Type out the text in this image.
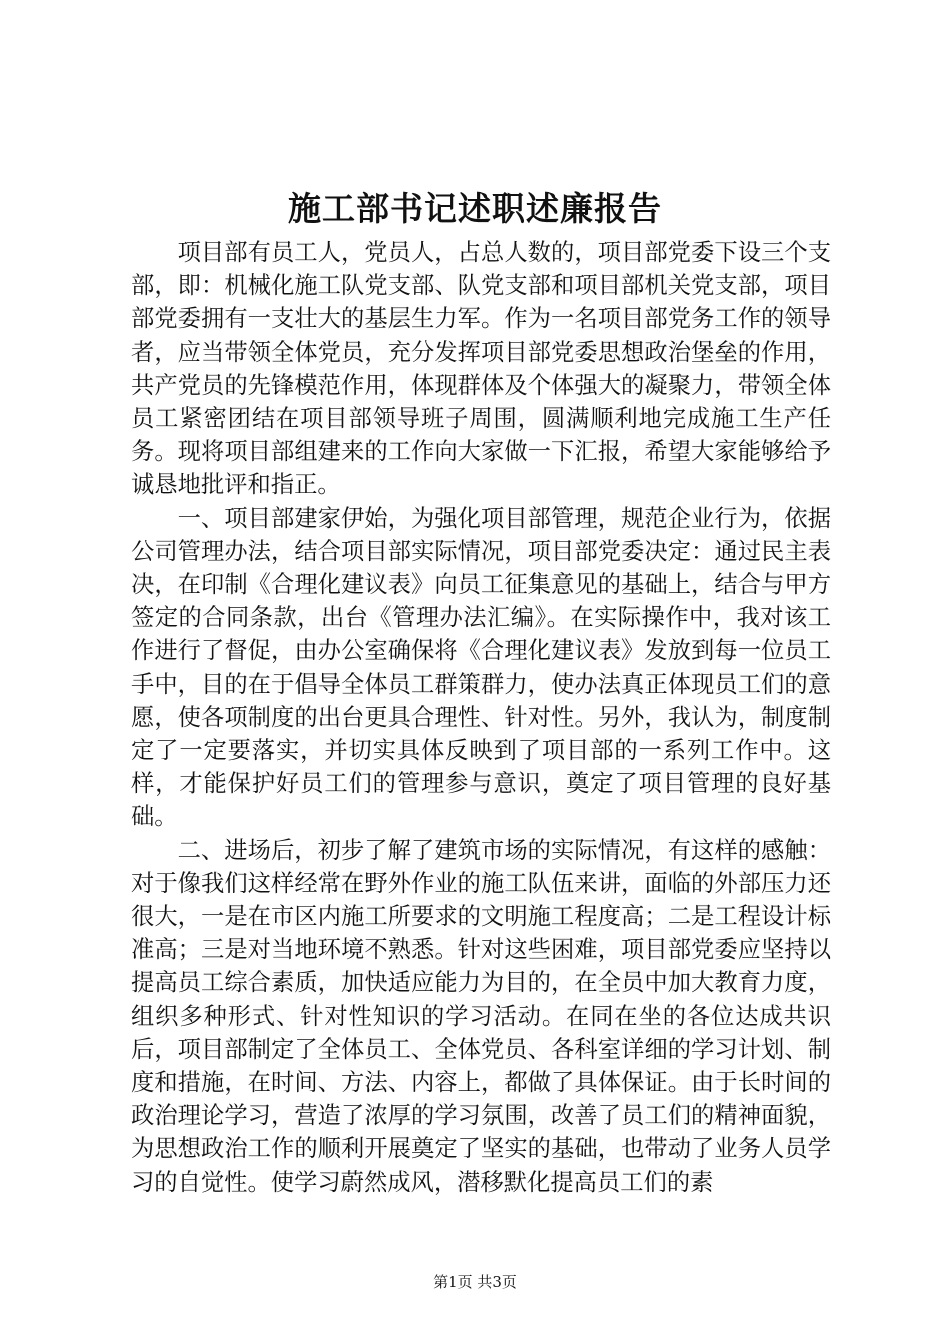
施工部书记述职述廉报告

项目部有员工人，党员人，占总人数的，项目部党委下设三个支部，即：机械化施工队党支部、队党支部和项目部机关党支部，项目部党委拥有一支壮大的基层生力军。作为一名项目部党务工作的领导者，应当带领全体党员，充分发挥项目部党委思想政治堡垒的作用，共产党员的先锋模范作用，体现群体及个体强大的凝聚力，带领全体员工紧密团结在项目部领导班子周围，圆满顺利地完成施工生产任务。现将项目部组建来的工作向大家做一下汇报，希望大家能够给予诚恳地批评和指正。

一、项目部建家伊始，为强化项目部管理，规范企业行为，依据公司管理办法，结合项目部实际情况，项目部党委决定：通过民主表决，在印制《合理化建议表》向员工征集意见的基础上，结合与甲方签定的合同条款，出台《管理办法汇编》。在实际操作中，我对该工作进行了督促，由办公室确保将《合理化建议表》发放到每一位员工手中，目的在于倡导全体员工群策群力，使办法真正体现员工们的意愿，使各项制度的出台更具合理性、针对性。另外，我认为，制度制定了一定要落实，并切实具体反映到了项目部的一系列工作中。这样，才能保护好员工们的管理参与意识，奠定了项目管理的良好基础。

二、进场后，初步了解了建筑市场的实际情况，有这样的感触：对于像我们这样经常在野外作业的施工队伍来讲，面临的外部压力还很大，一是在市区内施工所要求的文明施工程度高；二是工程设计标准高；三是对当地环境不熟悉。针对这些困难，项目部党委应坚持以提高员工综合素质，加快适应能力为目的，在全员中加大教育力度，组织多种形式、针对性知识的学习活动。在同在坐的各位达成共识后，项目部制定了全体员工、全体党员、各科室详细的学习计划、制度和措施，在时间、方法、内容上，都做了具体保证。由于长时间的政治理论学习，营造了浓厚的学习氛围，改善了员工们的精神面貌，为思想政治工作的顺利开展奠定了坚实的基础，也带动了业务人员学习的自觉性。使学习蔚然成风，潜移默化提高员工们的素

第1页 共3页
